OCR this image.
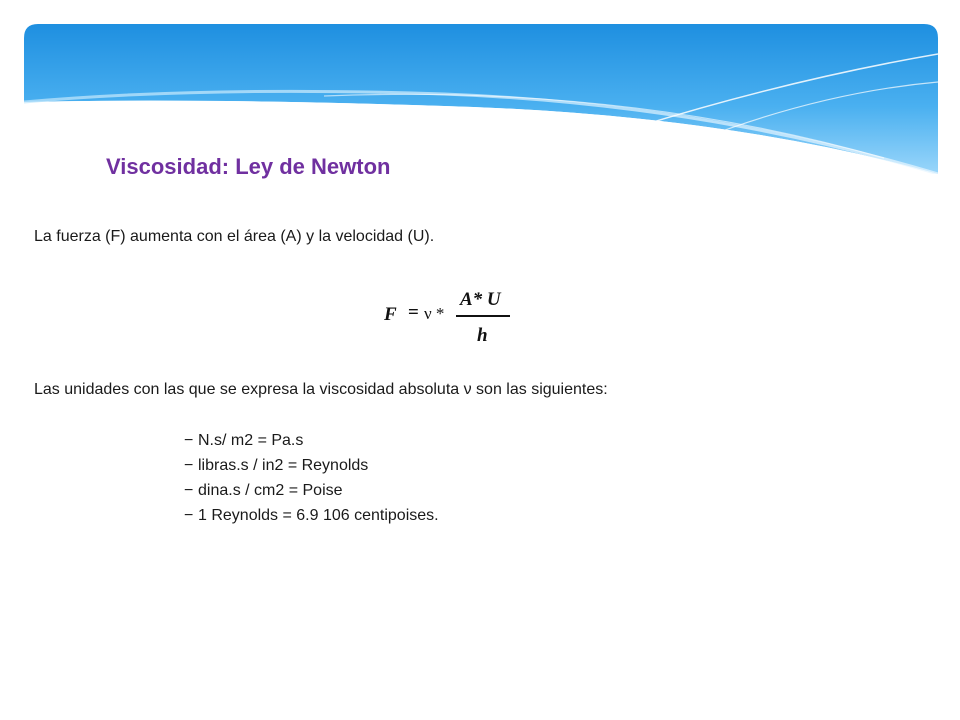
Viscosidad: Ley de Newton

La fuerza (F) aumenta con el área (A) y la velocidad (U).

F = ν *
A* U
h

Las unidades con las que se expresa la viscosidad absoluta ν son las siguientes:

− N.s/ m2 = Pa.s
− libras.s / in2 = Reynolds
− dina.s / cm2 = Poise
− 1 Reynolds = 6.9 106 centipoises.
